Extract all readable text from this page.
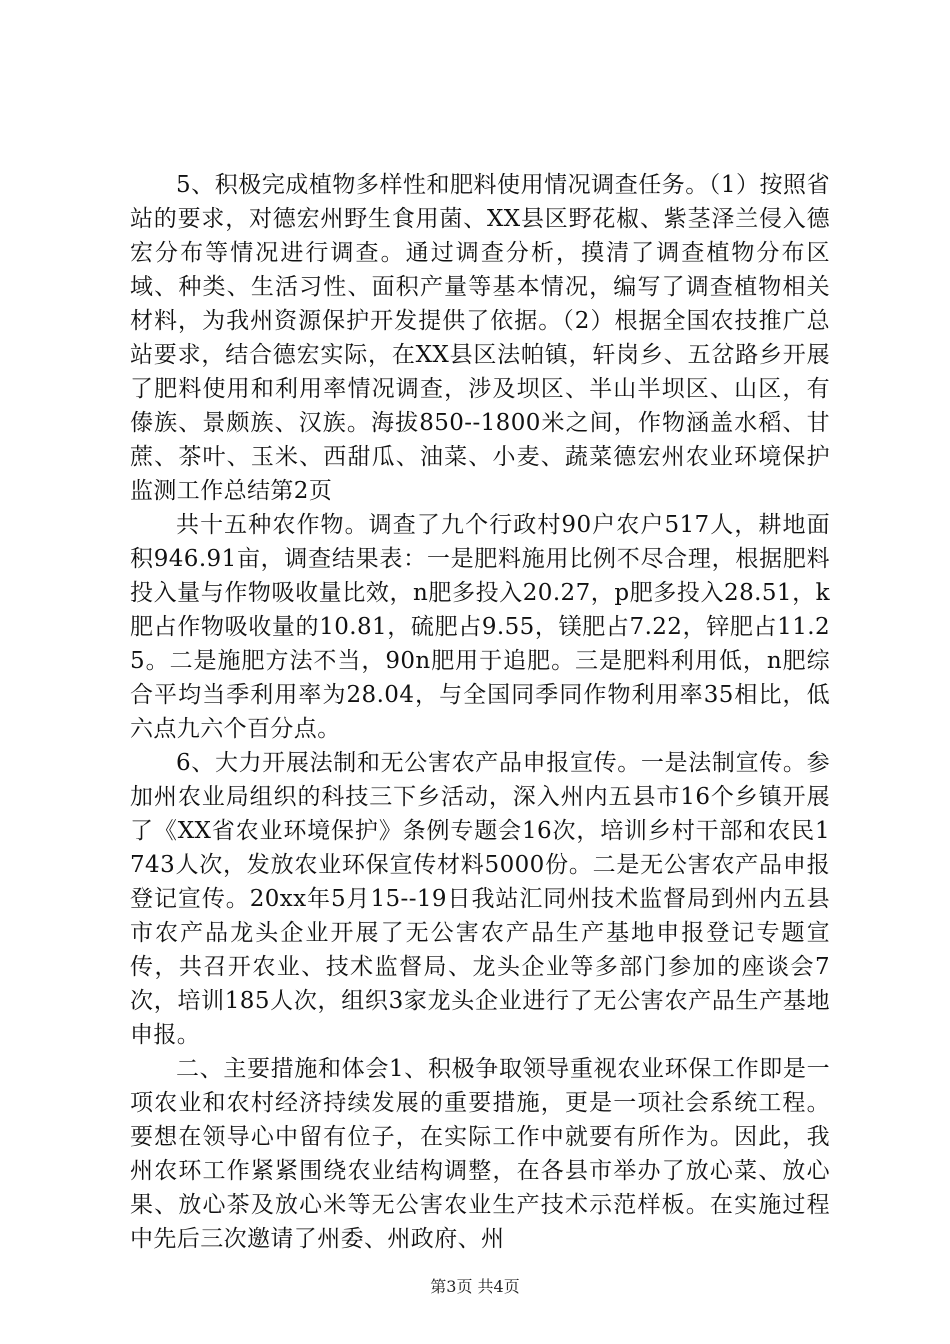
5、积极完成植物多样性和肥料使用情况调查任务。（1）按照省站的要求，对德宏州野生食用菌、XX县区野花椒、紫茎泽兰侵入德宏分布等情况进行调查。通过调查分析，摸清了调查植物分布区域、种类、生活习性、面积产量等基本情况，编写了调查植物相关材料，为我州资源保护开发提供了依据。（2）根据全国农技推广总站要求，结合德宏实际，在XX县区法帕镇，轩岗乡、五岔路乡开展了肥料使用和利用率情况调查，涉及坝区、半山半坝区、山区，有傣族、景颇族、汉族。海拔850--1800米之间，作物涵盖水稻、甘蔗、茶叶、玉米、西甜瓜、油菜、小麦、蔬菜德宏州农业环境保护监测工作总结第2页

共十五种农作物。调查了九个行政村90户农户517人，耕地面积946.91亩，调查结果表：一是肥料施用比例不尽合理，根据肥料投入量与作物吸收量比效，n肥多投入20.27，p肥多投入28.51，k肥占作物吸收量的10.81，硫肥占9.55，镁肥占7.22，锌肥占11.25。二是施肥方法不当，90n肥用于追肥。三是肥料利用低，n肥综合平均当季利用率为28.04，与全国同季同作物利用率35相比，低六点九六个百分点。

6、大力开展法制和无公害农产品申报宣传。一是法制宣传。参加州农业局组织的科技三下乡活动，深入州内五县市16个乡镇开展了《XX省农业环境保护》条例专题会16次，培训乡村干部和农民1743人次，发放农业环保宣传材料5000份。二是无公害农产品申报登记宣传。20xx年5月15--19日我站汇同州技术监督局到州内五县市农产品龙头企业开展了无公害农产品生产基地申报登记专题宣传，共召开农业、技术监督局、龙头企业等多部门参加的座谈会7次，培训185人次，组织3家龙头企业进行了无公害农产品生产基地申报。

二、主要措施和体会1、积极争取领导重视农业环保工作即是一项农业和农村经济持续发展的重要措施，更是一项社会系统工程。要想在领导心中留有位子，在实际工作中就要有所作为。因此，我州农环工作紧紧围绕农业结构调整，在各县市举办了放心菜、放心果、放心茶及放心米等无公害农业生产技术示范样板。在实施过程中先后三次邀请了州委、州政府、州

第3页 共4页
